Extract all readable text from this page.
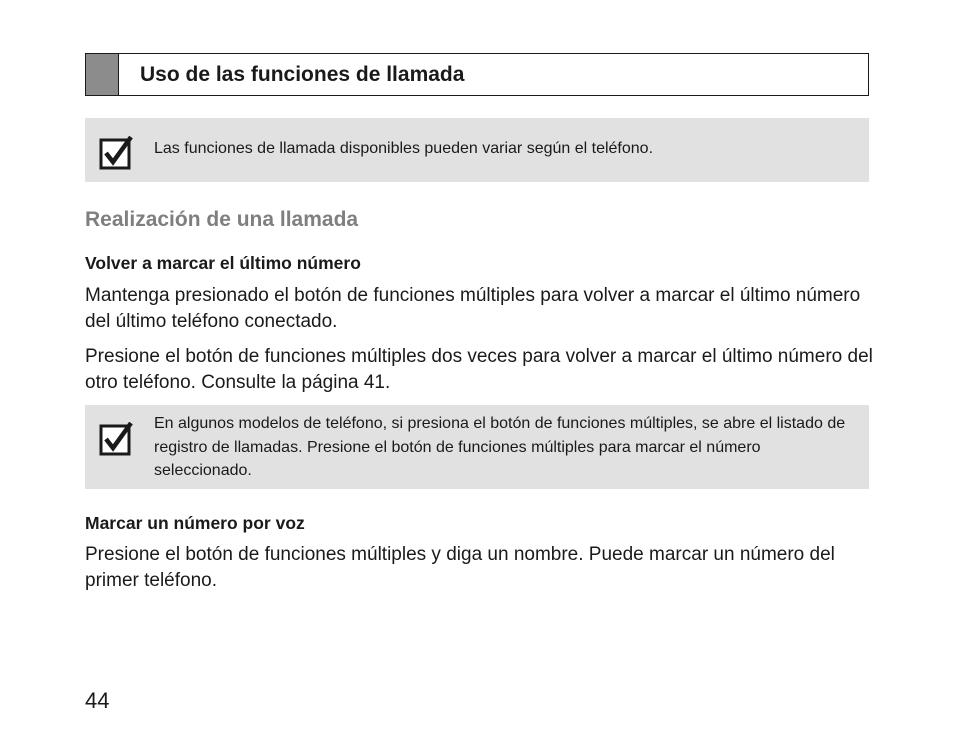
Uso de las funciones de llamada
Las funciones de llamada disponibles pueden variar según el teléfono.
Realización de una llamada
Volver a marcar el último número
Mantenga presionado el botón de funciones múltiples para volver a marcar el último número del último teléfono conectado.
Presione el botón de funciones múltiples dos veces para volver a marcar el último número del otro teléfono. Consulte la página 41.
En algunos modelos de teléfono, si presiona el botón de funciones múltiples, se abre el listado de registro de llamadas. Presione el botón de funciones múltiples para marcar el número seleccionado.
Marcar un número por voz
Presione el botón de funciones múltiples y diga un nombre. Puede marcar un número del primer teléfono.
44
